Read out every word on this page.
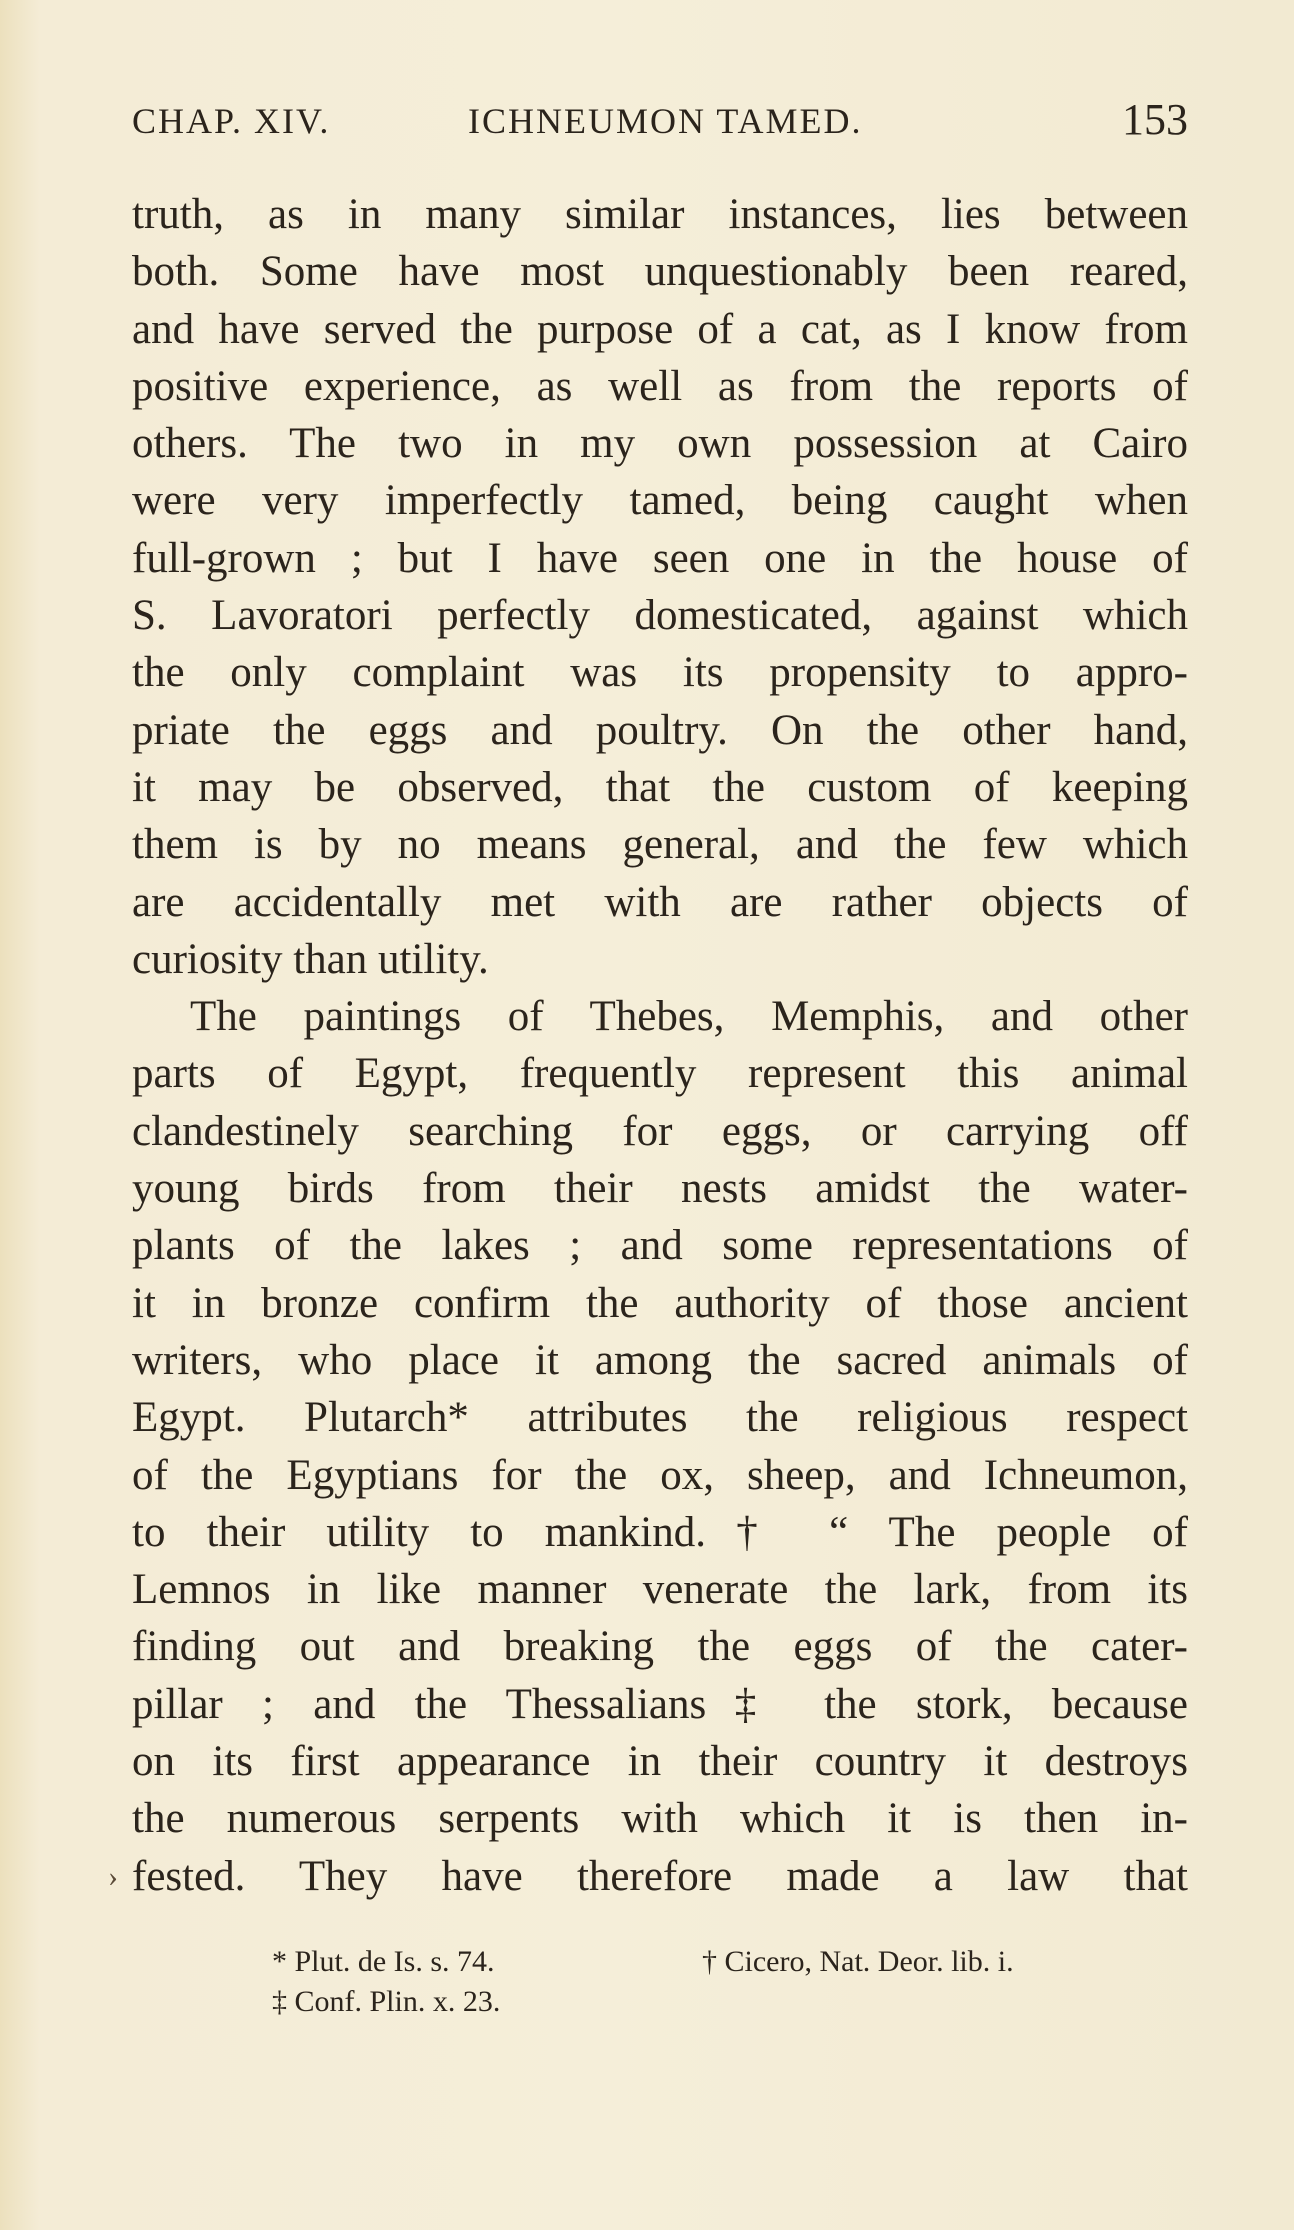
CHAP. XIV.	ICHNEUMON TAMED.	153
truth, as in many similar instances, lies between
both. Some have most unquestionably been reared,
and have served the purpose of a cat, as I know from
positive experience, as well as from the reports of
others. The two in my own possession at Cairo
were very imperfectly tamed, being caught when
full-grown ; but I have seen one in the house of
S. Lavoratori perfectly domesticated, against which
the only complaint was its propensity to appro-
priate the eggs and poultry. On the other hand,
it may be observed, that the custom of keeping
them is by no means general, and the few which
are accidentally met with are rather objects of
curiosity than utility.
The paintings of Thebes, Memphis, and other
parts of Egypt, frequently represent this animal
clandestinely searching for eggs, or carrying off
young birds from their nests amidst the water-
plants of the lakes ; and some representations of
it in bronze confirm the authority of those ancient
writers, who place it among the sacred animals of
Egypt. Plutarch* attributes the religious respect
of the Egyptians for the ox, sheep, and Ichneumon,
to their utility to mankind.† “ The people of
Lemnos in like manner venerate the lark, from its
finding out and breaking the eggs of the cater-
pillar ; and the Thessalians‡ the stork, because
on its first appearance in their country it destroys
the numerous serpents with which it is then in-
fested. They have therefore made a law that
›
* Plut. de Is. s. 74.	† Cicero, Nat. Deor. lib. i.
‡ Conf. Plin. x. 23.
